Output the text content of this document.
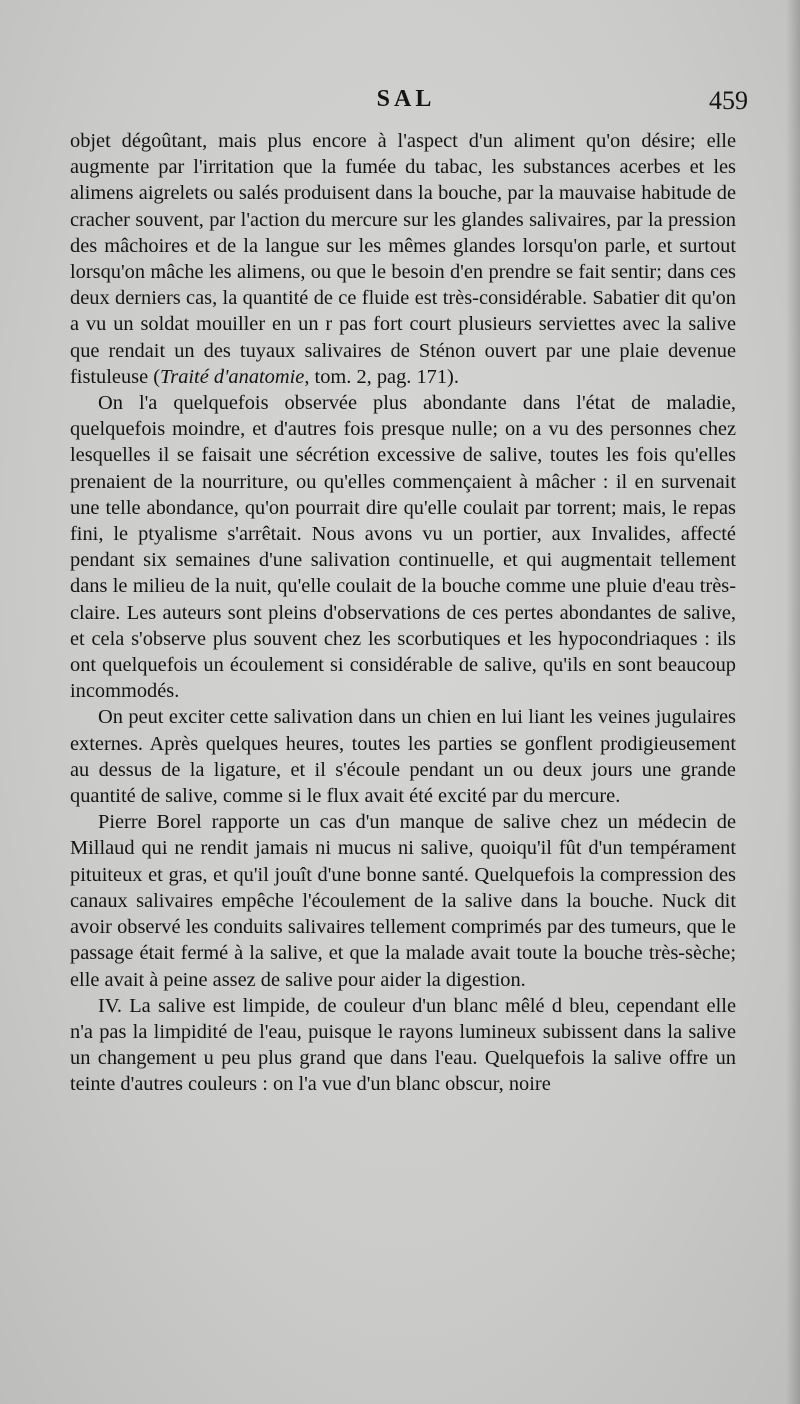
SAL	459

objet dégoûtant, mais plus encore à l'aspect d'un aliment qu'on désire; elle augmente par l'irritation que la fumée du tabac, les substances acerbes et les alimens aigrelets ou salés produisent dans la bouche, par la mauvaise habitude de cracher souvent, par l'action du mercure sur les glandes salivaires, par la pression des mâchoires et de la langue sur les mêmes glandes lorsqu'on parle, et surtout lorsqu'on mâche les alimens, ou que le besoin d'en prendre se fait sentir; dans ces deux derniers cas, la quantité de ce fluide est très-considérable. Sabatier dit qu'on a vu un soldat mouiller en un r pas fort court plusieurs serviettes avec la salive que rendait un des tuyaux salivaires de Sténon ouvert par une plaie devenue fistuleuse (Traité d'anatomie, tom. 2, pag. 171).

On l'a quelquefois observée plus abondante dans l'état de maladie, quelquefois moindre, et d'autres fois presque nulle; on a vu des personnes chez lesquelles il se faisait une sécrétion excessive de salive, toutes les fois qu'elles prenaient de la nourriture, ou qu'elles commençaient à mâcher : il en survenait une telle abondance, qu'on pourrait dire qu'elle coulait par torrent; mais, le repas fini, le ptyalisme s'arrêtait. Nous avons vu un portier, aux Invalides, affecté pendant six semaines d'une salivation continuelle, et qui augmentait tellement dans le milieu de la nuit, qu'elle coulait de la bouche comme une pluie d'eau très-claire. Les auteurs sont pleins d'observations de ces pertes abondantes de salive, et cela s'observe plus souvent chez les scorbutiques et les hypocondriaques : ils ont quelquefois un écoulement si considérable de salive, qu'ils en sont beaucoup incommodés.

On peut exciter cette salivation dans un chien en lui liant les veines jugulaires externes. Après quelques heures, toutes les parties se gonflent prodigieusement au dessus de la ligature, et il s'écoule pendant un ou deux jours une grande quantité de salive, comme si le flux avait été excité par du mercure.

Pierre Borel rapporte un cas d'un manque de salive chez un médecin de Millaud qui ne rendit jamais ni mucus ni salive, quoiqu'il fût d'un tempérament pituiteux et gras, et qu'il jouît d'une bonne santé. Quelquefois la compression des canaux salivaires empêche l'écoulement de la salive dans la bouche. Nuck dit avoir observé les conduits salivaires tellement comprimés par des tumeurs, que le passage était fermé à la salive, et que la malade avait toute la bouche très-sèche; elle avait à peine assez de salive pour aider la digestion.

IV. La salive est limpide, de couleur d'un blanc mêlé d bleu, cependant elle n'a pas la limpidité de l'eau, puisque le rayons lumineux subissent dans la salive un changement u peu plus grand que dans l'eau. Quelquefois la salive offre un teinte d'autres couleurs : on l'a vue d'un blanc obscur, noire
